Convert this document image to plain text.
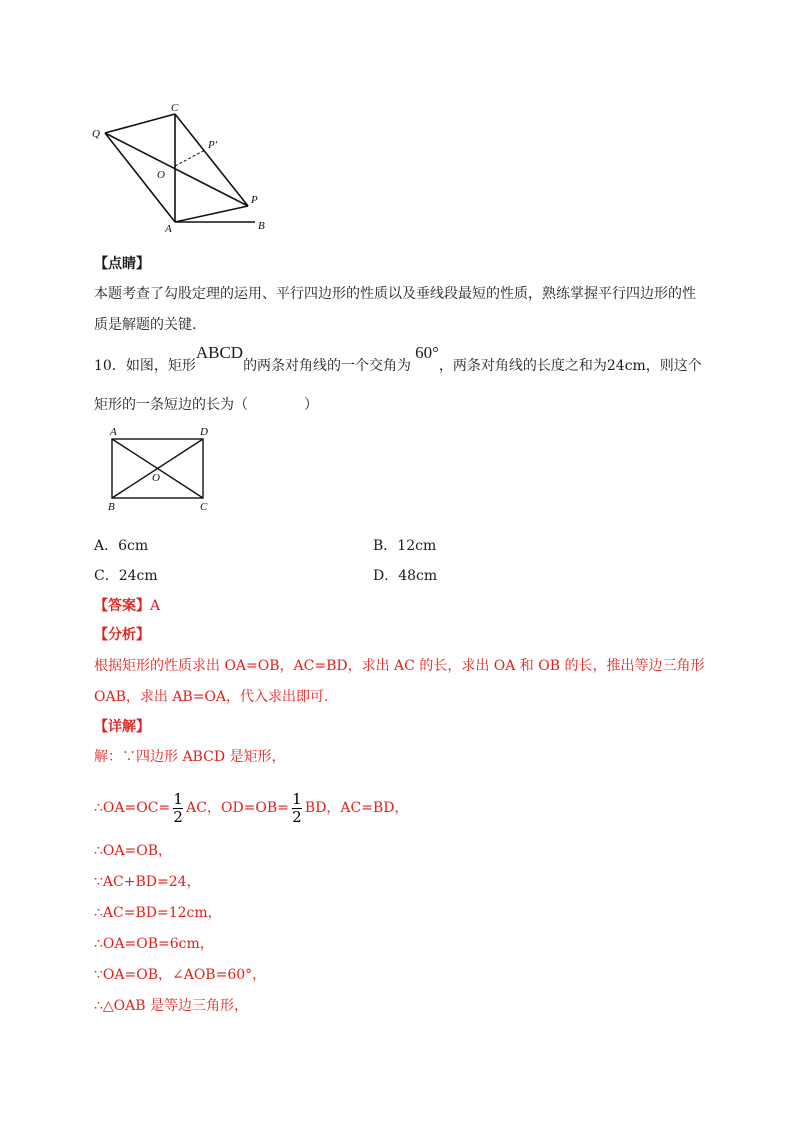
C
Q
P'
O
P
A	B
【点睛】
本题考查了勾股定理的运用、平行四边形的性质以及垂线段最短的性质，熟练掌握平行四边形的性
质是解题的关键.
10．如图，矩形ABCD的两条对角线的一个交角为60°，两条对角线的长度之和为24cm，则这个
矩形的一条短边的长为（　　　　）
A	D
O
B	C
A．6cm	B．12cm
C．24cm	D．48cm
【答案】A
【分析】
根据矩形的性质求出 OA=OB，AC=BD，求出 AC 的长，求出 OA 和 OB 的长，推出等边三角形
OAB，求出 AB=OA，代入求出即可.
【详解】
解：∵四边形 ABCD 是矩形，
∴OA=OC= $\frac{1}{2}$ AC，$OD=OB= \frac{1}{2}$ BD，AC=BD，
∴OA=OB，
∵AC+BD=24，
∴AC=BD=12cm，
∴OA=OB=6cm，
∵OA=OB，∠AOB=60°，
∴△OAB 是等边三角形，
